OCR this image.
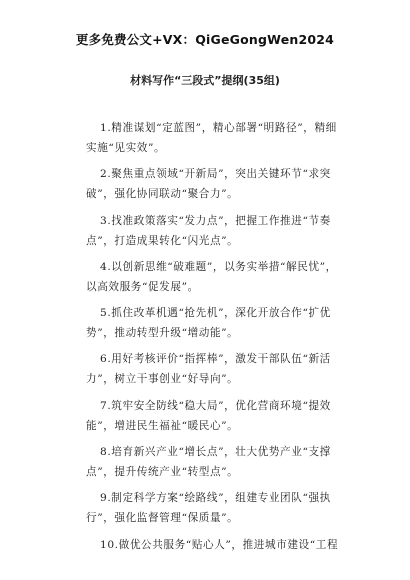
更多免费公文+VX：QiGeGongWen2024
材料写作“三段式”提纲(35组)
1.精准谋划“定蓝图”，精心部署“明路径”，精细
实施“见实效”。
2.聚焦重点领域“开新局”，突出关键环节“求突
破”，强化协同联动“聚合力”。
3.找准政策落实“发力点”，把握工作推进“节奏
点”，打造成果转化“闪光点”。
4.以创新思维“破难题”，以务实举措“解民忧”，
以高效服务“促发展”。
5.抓住改革机遇“抢先机”，深化开放合作“扩优
势”，推动转型升级“增动能”。
6.用好考核评价“指挥棒”，激发干部队伍“新活
力”，树立干事创业“好导向”。
7.筑牢安全防线“稳大局”，优化营商环境“提效
能”，增进民生福祉“暖民心”。
8.培育新兴产业“增长点”，壮大优势产业“支撑
点”，提升传统产业“转型点”。
9.制定科学方案“绘路线”，组建专业团队“强执
行”，强化监督管理“保质量”。
10.做优公共服务“贴心人”，推进城市建设“工程
